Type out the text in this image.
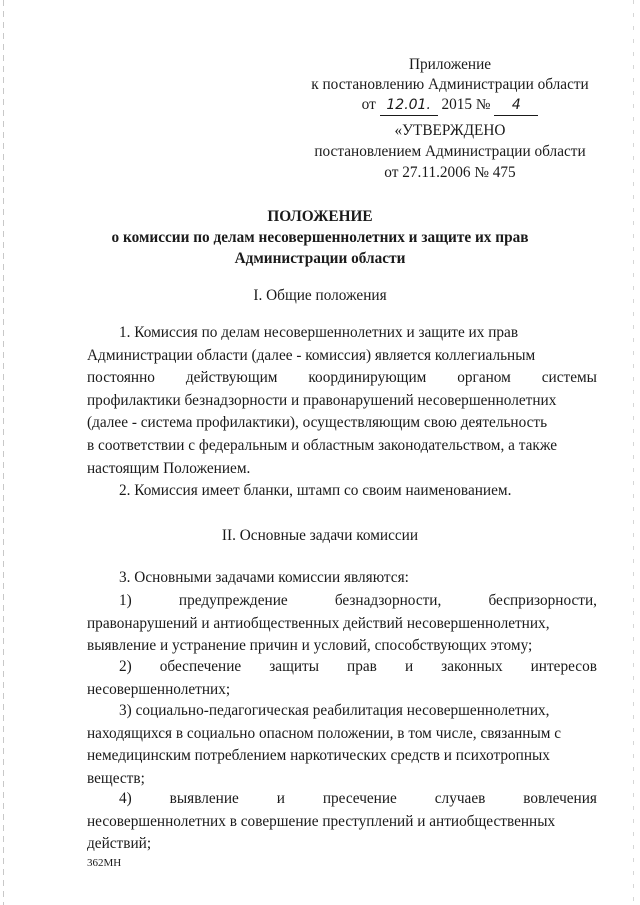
Приложение
к постановлению Администрации области
от 12.01. 2015 № 4
«УТВЕРЖДЕНО
постановлением Администрации области
от 27.11.2006 № 475
ПОЛОЖЕНИЕ
о комиссии по делам несовершеннолетних и защите их прав
Администрации области
I. Общие положения
1. Комиссия по делам несовершеннолетних и защите их прав
Администрации области (далее - комиссия) является коллегиальным
постоянно действующим координирующим органом системы
профилактики безнадзорности и правонарушений несовершеннолетних
(далее - система профилактики), осуществляющим свою деятельность
в соответствии с федеральным и областным законодательством, а также
настоящим Положением.
2. Комиссия имеет бланки, штамп со своим наименованием.
II. Основные задачи комиссии
3. Основными задачами комиссии являются:
1)	предупреждение	безнадзорности,	беспризорности,
правонарушений и антиобщественных действий несовершеннолетних,
выявление и устранение причин и условий, способствующих этому;
2) обеспечение защиты прав и законных интересов
несовершеннолетних;
3) социально-педагогическая реабилитация несовершеннолетних,
находящихся в социально опасном положении, в том числе, связанным с
немедицинским потреблением наркотических средств и психотропных
веществ;
4) выявление и пресечение случаев вовлечения
несовершеннолетних в совершение преступлений и антиобщественных
действий;
362МН
